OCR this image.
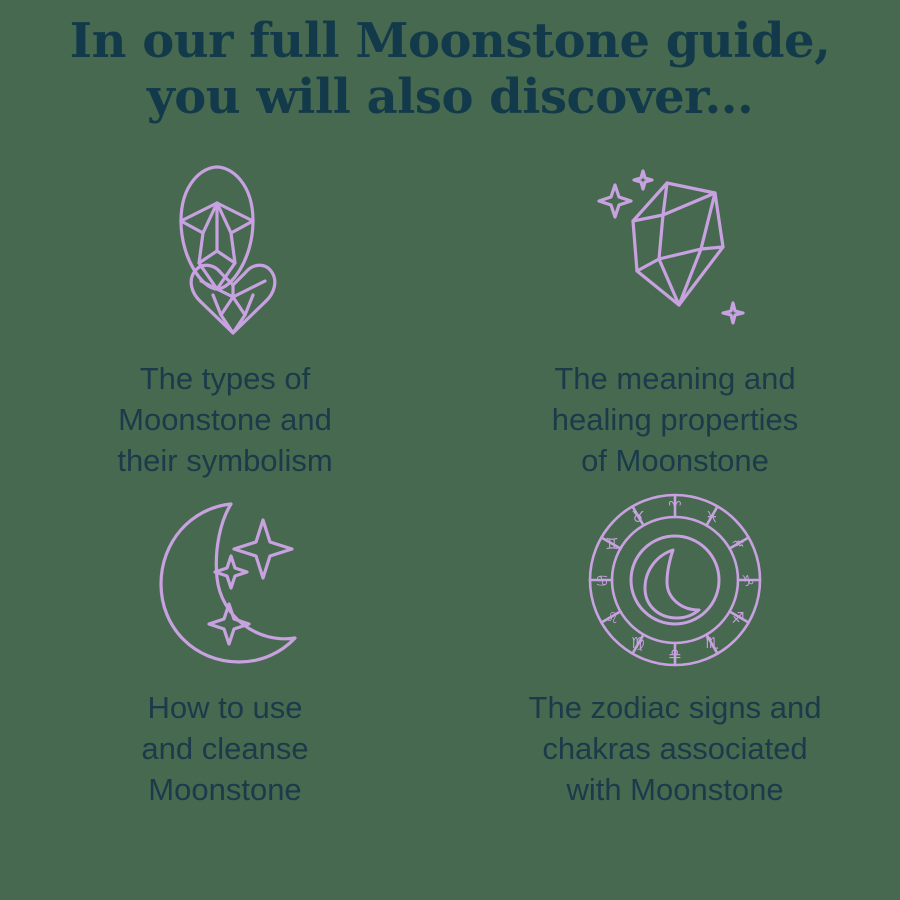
In our full Moonstone guide,
you will also discover...
The types of
Moonstone and
their symbolism
The meaning and
healing properties
of Moonstone
How to use
and cleanse
Moonstone
♈
♓
♒
♑
♐
♏
♎
♍
♌
♋
♊
♉
The zodiac signs and
chakras associated
with Moonstone
